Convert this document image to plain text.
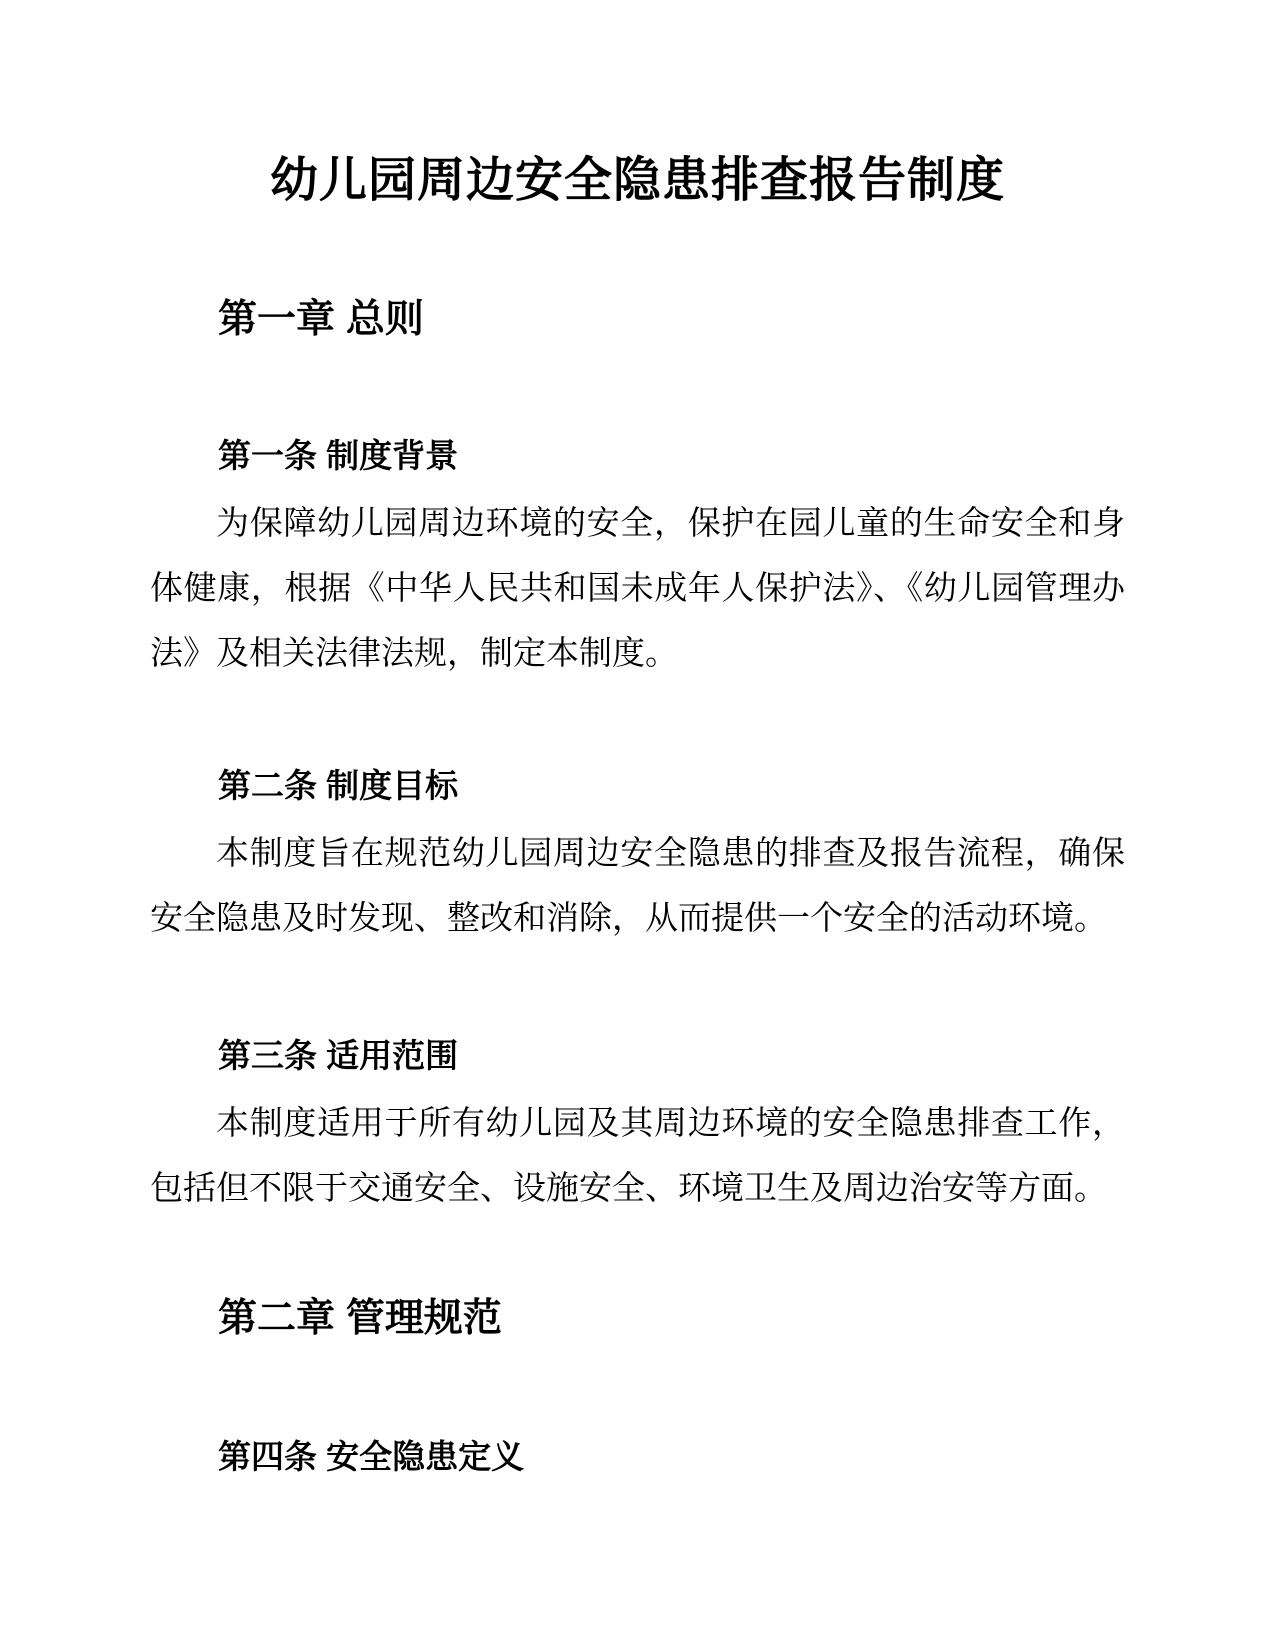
幼儿园周边安全隐患排查报告制度
第一章 总则
第一条 制度背景

为保障幼儿园周边环境的安全，保护在园儿童的生命安全和身体健康，根据《中华人民共和国未成年人保护法》、《幼儿园管理办法》及相关法律法规，制定本制度。

第二条 制度目标

本制度旨在规范幼儿园周边安全隐患的排查及报告流程，确保安全隐患及时发现、整改和消除，从而提供一个安全的活动环境。

第三条 适用范围

本制度适用于所有幼儿园及其周边环境的安全隐患排查工作，包括但不限于交通安全、设施安全、环境卫生及周边治安等方面。

第二章 管理规范
第四条 安全隐患定义
